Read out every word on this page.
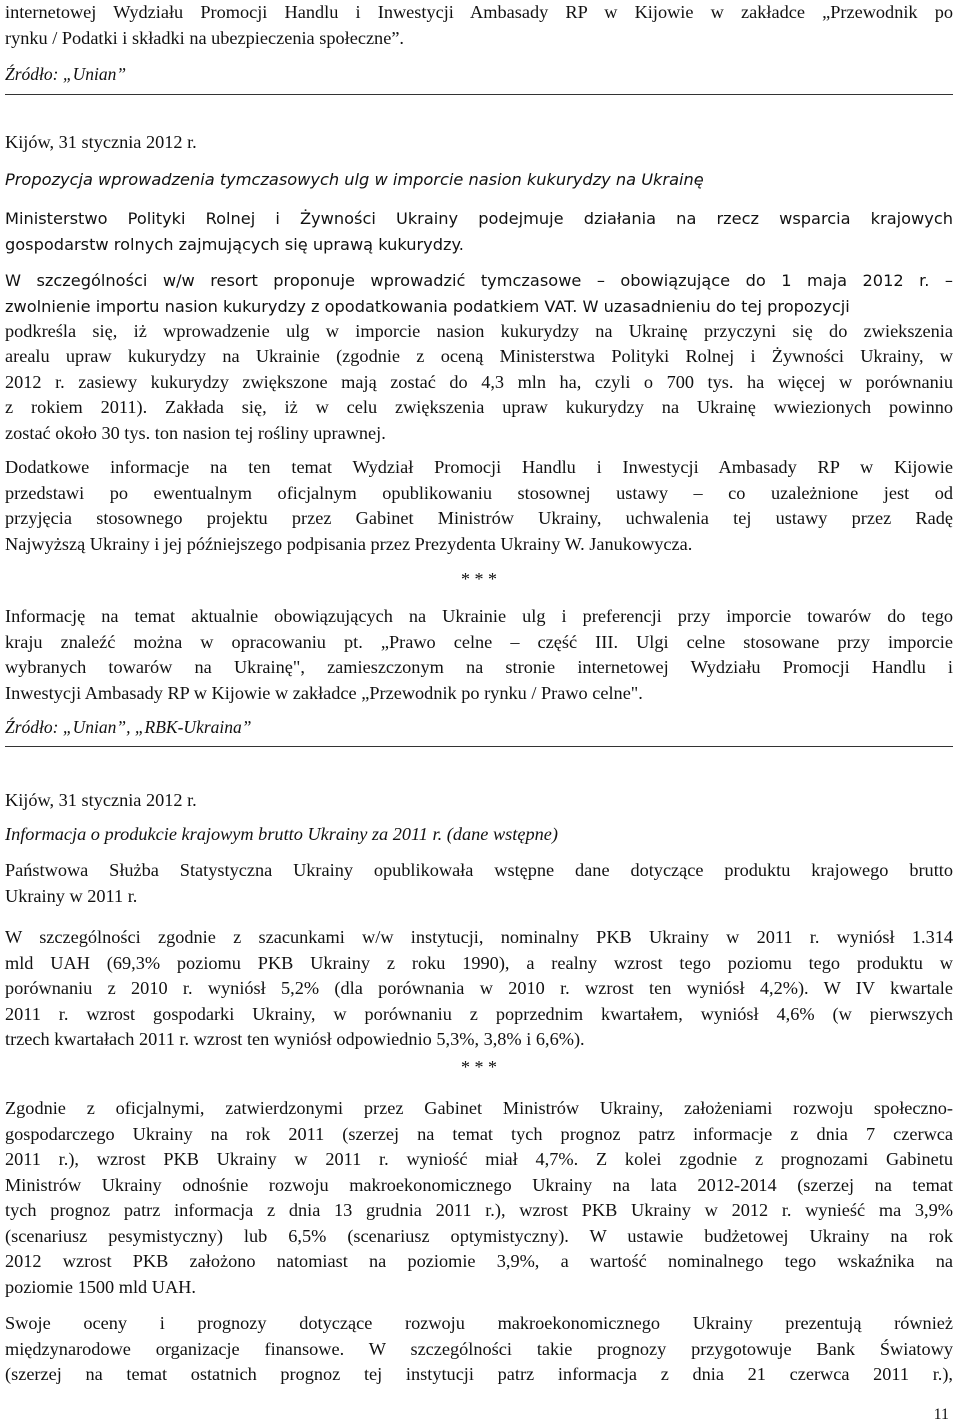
internetowej Wydziału Promocji Handlu i Inwestycji Ambasady RP w Kijowie w zakładce „Przewodnik po
rynku / Podatki i składki na ubezpieczenia społeczne”.
Źródło: „Unian”
Kijów, 31 stycznia 2012 r.
Propozycja wprowadzenia tymczasowych ulg w imporcie nasion kukurydzy na Ukrainę
Ministerstwo Polityki Rolnej i Żywności Ukrainy podejmuje działania na rzecz wsparcia krajowych
gospodarstw rolnych zajmujących się uprawą kukurydzy.
W szczególności w/w resort proponuje wprowadzić tymczasowe – obowiązujące do 1 maja 2012 r. –
zwolnienie importu nasion kukurydzy z opodatkowania podatkiem VAT. W uzasadnieniu do tej propozycji
podkreśla się, iż wprowadzenie ulg w imporcie nasion kukurydzy na Ukrainę przyczyni się do zwiekszenia
arealu upraw kukurydzy na Ukrainie (zgodnie z oceną Ministerstwa Polityki Rolnej i Żywności Ukrainy, w
2012 r. zasiewy kukurydzy zwiększone mają zostać do 4,3 mln ha, czyli o 700 tys. ha więcej w porównaniu
z rokiem 2011). Zakłada się, iż w celu zwiększenia upraw kukurydzy na Ukrainę wwiezionych powinno
zostać około 30 tys. ton nasion tej rośliny uprawnej.
Dodatkowe informacje na ten temat Wydział Promocji Handlu i Inwestycji Ambasady RP w Kijowie
przedstawi po ewentualnym oficjalnym opublikowaniu stosownej ustawy – co uzależnione jest od
przyjęcia stosownego projektu przez Gabinet Ministrów Ukrainy, uchwalenia tej ustawy przez Radę
Najwyższą Ukrainy i jej późniejszego podpisania przez Prezydenta Ukrainy W. Janukowycza.
* * *
Informację na temat aktualnie obowiązujących na Ukrainie ulg i preferencji przy imporcie towarów do tego
kraju znaleźć można w opracowaniu pt. „Prawo celne – część III. Ulgi celne stosowane przy imporcie
wybranych towarów na Ukrainę", zamieszczonym na stronie internetowej Wydziału Promocji Handlu i
Inwestycji Ambasady RP w Kijowie w zakładce „Przewodnik po rynku / Prawo celne".
Źródło: „Unian”, „RBK-Ukraina”
Kijów, 31 stycznia 2012 r.
Informacja o produkcie krajowym brutto Ukrainy za 2011 r. (dane wstępne)
Państwowa Służba Statystyczna Ukrainy opublikowała wstępne dane dotyczące produktu krajowego brutto
Ukrainy w 2011 r.
W szczególności zgodnie z szacunkami w/w instytucji, nominalny PKB Ukrainy w 2011 r. wyniósł 1.314
mld UAH (69,3% poziomu PKB Ukrainy z roku 1990), a realny wzrost tego poziomu tego produktu w
porównaniu z 2010 r. wyniósł 5,2% (dla porównania w 2010 r. wzrost ten wyniósł 4,2%). W IV kwartale
2011 r. wzrost gospodarki Ukrainy, w porównaniu z poprzednim kwartałem, wyniósł 4,6% (w pierwszych
trzech kwartałach 2011 r. wzrost ten wyniósł odpowiednio 5,3%, 3,8% i 6,6%).
* * *
Zgodnie z oficjalnymi, zatwierdzonymi przez Gabinet Ministrów Ukrainy, założeniami rozwoju społeczno-
gospodarczego Ukrainy na rok 2011 (szerzej na temat tych prognoz patrz informacje z dnia 7 czerwca
2011 r.), wzrost PKB Ukrainy w 2011 r. wyniość miał 4,7%. Z kolei zgodnie z prognozami Gabinetu
Ministrów Ukrainy odnośnie rozwoju makroekonomicznego Ukrainy na lata 2012-2014 (szerzej na temat
tych prognoz patrz informacja z dnia 13 grudnia 2011 r.), wzrost PKB Ukrainy w 2012 r. wynieść ma 3,9%
(scenariusz pesymistyczny) lub 6,5% (scenariusz optymistyczny). W ustawie budżetowej Ukrainy na rok
2012 wzrost PKB założono natomiast na poziomie 3,9%, a wartość nominalnego tego wskaźnika na
poziomie 1500 mld UAH.
Swoje oceny i prognozy dotyczące rozwoju makroekonomicznego Ukrainy prezentują również
międzynarodowe organizacje finansowe. W szczególności takie prognozy przygotowuje Bank Światowy
(szerzej na temat ostatnich prognoz tej instytucji patrz informacja z dnia 21 czerwca 2011 r.),
11
